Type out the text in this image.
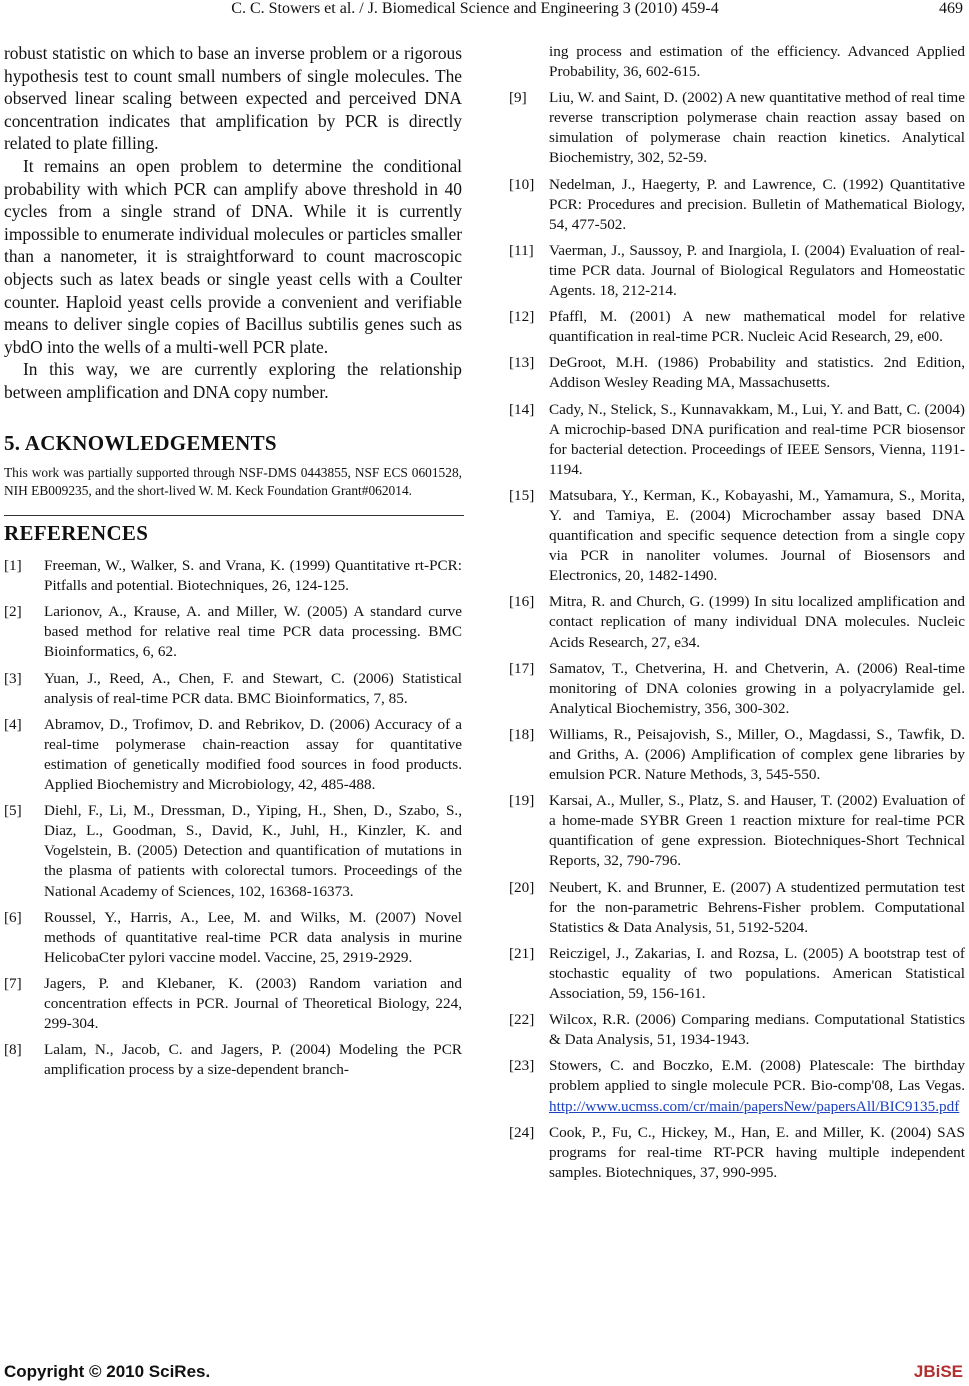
C. C. Stowers et al. / J. Biomedical Science and Engineering 3 (2010) 459-4	469

robust statistic on which to base an inverse problem or a rigorous hypothesis test to count small numbers of single molecules. The observed linear scaling between expected and perceived DNA concentration indicates that amplification by PCR is directly related to plate filling.

It remains an open problem to determine the conditional probability with which PCR can amplify above threshold in 40 cycles from a single strand of DNA. While it is currently impossible to enumerate individual molecules or particles smaller than a nanometer, it is straightforward to count macroscopic objects such as latex beads or single yeast cells with a Coulter counter. Haploid yeast cells provide a convenient and verifiable means to deliver single copies of Bacillus subtilis genes such as ybdO into the wells of a multi-well PCR plate.

In this way, we are currently exploring the relationship between amplification and DNA copy number.

5. ACKNOWLEDGEMENTS

This work was partially supported through NSF-DMS 0443855, NSF ECS 0601528, NIH EB009235, and the short-lived W. M. Keck Foundation Grant#062014.

REFERENCES
[1] Freeman, W., Walker, S. and Vrana, K. (1999) Quantitative rt-PCR: Pitfalls and potential. Biotechniques, 26, 124-125.
[2] Larionov, A., Krause, A. and Miller, W. (2005) A standard curve based method for relative real time PCR data processing. BMC Bioinformatics, 6, 62.
[3] Yuan, J., Reed, A., Chen, F. and Stewart, C. (2006) Statistical analysis of real-time PCR data. BMC Bioinformatics, 7, 85.
[4] Abramov, D., Trofimov, D. and Rebrikov, D. (2006) Accuracy of a real-time polymerase chain-reaction assay for quantitative estimation of genetically modified food sources in food products. Applied Biochemistry and Microbiology, 42, 485-488.
[5] Diehl, F., Li, M., Dressman, D., Yiping, H., Shen, D., Szabo, S., Diaz, L., Goodman, S., David, K., Juhl, H., Kinzler, K. and Vogelstein, B. (2005) Detection and quantification of mutations in the plasma of patients with colorectal tumors. Proceedings of the National Academy of Sciences, 102, 16368-16373.
[6] Roussel, Y., Harris, A., Lee, M. and Wilks, M. (2007) Novel methods of quantitative real-time PCR data analysis in murine HelicobaCter pylori vaccine model. Vaccine, 25, 2919-2929.
[7] Jagers, P. and Klebaner, K. (2003) Random variation and concentration effects in PCR. Journal of Theoretical Biology, 224, 299-304.
[8] Lalam, N., Jacob, C. and Jagers, P. (2004) Modeling the PCR amplification process by a size-dependent branch-
ing process and estimation of the efficiency. Advanced Applied Probability, 36, 602-615.
[9] Liu, W. and Saint, D. (2002) A new quantitative method of real time reverse transcription polymerase chain reaction assay based on simulation of polymerase chain reaction kinetics. Analytical Biochemistry, 302, 52-59.
[10] Nedelman, J., Haegerty, P. and Lawrence, C. (1992) Quantitative PCR: Procedures and precision. Bulletin of Mathematical Biology, 54, 477-502.
[11] Vaerman, J., Saussoy, P. and Inargiola, I. (2004) Evaluation of real-time PCR data. Journal of Biological Regulators and Homeostatic Agents. 18, 212-214.
[12] Pfaffl, M. (2001) A new mathematical model for relative quantification in real-time PCR. Nucleic Acid Research, 29, e00.
[13] DeGroot, M.H. (1986) Probability and statistics. 2nd Edition, Addison Wesley Reading MA, Massachusetts.
[14] Cady, N., Stelick, S., Kunnavakkam, M., Lui, Y. and Batt, C. (2004) A microchip-based DNA purification and real-time PCR biosensor for bacterial detection. Proceedings of IEEE Sensors, Vienna, 1191-1194.
[15] Matsubara, Y., Kerman, K., Kobayashi, M., Yamamura, S., Morita, Y. and Tamiya, E. (2004) Microchamber assay based DNA quantification and specific sequence detection from a single copy via PCR in nanoliter volumes. Journal of Biosensors and Electronics, 20, 1482-1490.
[16] Mitra, R. and Church, G. (1999) In situ localized amplification and contact replication of many individual DNA molecules. Nucleic Acids Research, 27, e34.
[17] Samatov, T., Chetverina, H. and Chetverin, A. (2006) Real-time monitoring of DNA colonies growing in a polyacrylamide gel. Analytical Biochemistry, 356, 300-302.
[18] Williams, R., Peisajovish, S., Miller, O., Magdassi, S., Tawfik, D. and Griths, A. (2006) Amplification of complex gene libraries by emulsion PCR. Nature Methods, 3, 545-550.
[19] Karsai, A., Muller, S., Platz, S. and Hauser, T. (2002) Evaluation of a home-made SYBR Green 1 reaction mixture for real-time PCR quantification of gene expression. Biotechniques-Short Technical Reports, 32, 790-796.
[20] Neubert, K. and Brunner, E. (2007) A studentized permutation test for the non-parametric Behrens-Fisher problem. Computational Statistics & Data Analysis, 51, 5192-5204.
[21] Reiczigel, J., Zakarias, I. and Rozsa, L. (2005) A bootstrap test of stochastic equality of two populations. American Statistical Association, 59, 156-161.
[22] Wilcox, R.R. (2006) Comparing medians. Computational Statistics & Data Analysis, 51, 1934-1943.
[23] Stowers, C. and Boczko, E.M. (2008) Platescale: The birthday problem applied to single molecule PCR. Bio-comp'08, Las Vegas. http://www.ucmss.com/cr/main/papersNew/papersAll/BIC9135.pdf
[24] Cook, P., Fu, C., Hickey, M., Han, E. and Miller, K. (2004) SAS programs for real-time RT-PCR having multiple independent samples. Biotechniques, 37, 990-995.
Copyright © 2010 SciRes.	JBiSE
